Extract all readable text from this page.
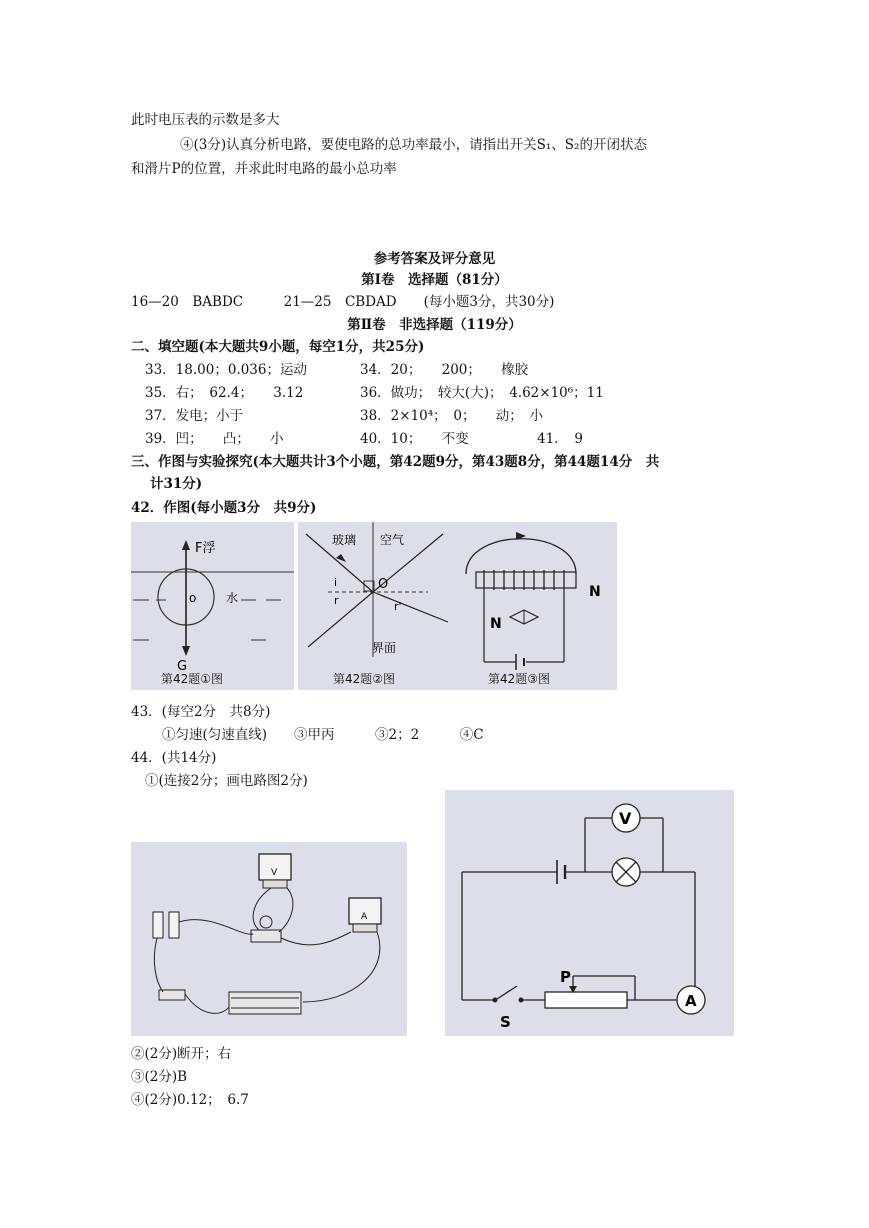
此时电压表的示数是多大
④(3分)认真分析电路，要使电路的总功率最小，请指出开关S₁、S₂的开闭状态
和滑片P的位置，并求此时电路的最小总功率
参考答案及评分意见
第Ⅰ卷　选择题（81分）
16—20　BABDC　　　21—25　CBDAD　　(每小题3分，共30分)
第Ⅱ卷　非选择题（119分）
二、填空题(本大题共9小题，每空1分，共25分)
33．18.00；0.036；运动	34．20；　　200；　　橡胶
35．右；　62.4；　　3.12	36．做功；　较大(大)；　4.62×10⁶；11
37．发电；小于	38．2×10⁴；　0；　　动；　小
39．凹；　　凸；　　小	40．10；　　不变	41．　9
三、作图与实验探究(本大题共计3个小题，第42题9分，第43题8分，第44题14分　共
计31分)
42．作图(每小题3分　共9分)
F浮
G
o 水
第42题①图
玻璃 空气
O
i
r	r'
界面
第42题②图
N
N
第42题③图
43．(每空2分　共8分)
①匀速(匀速直线)　　③甲丙　　　③2；2　　　④C
44．(共14分)
①(连接2分；画电路图2分)
V
A
V
A
P
S
②(2分)断开；右
③(2分)B
④(2分)0.12；　6.7
